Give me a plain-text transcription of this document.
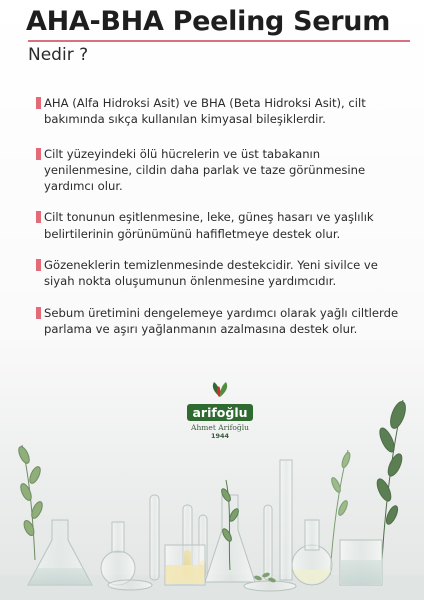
AHA-BHA Peeling Serum
Nedir ?
AHA (Alfa Hidroksi Asit) ve BHA (Beta Hidroksi Asit), cilt bakımında sıkça kullanılan kimyasal bileşiklerdir.
Cilt yüzeyindeki ölü hücrelerin ve üst tabakanın yenilenmesine, cildin daha parlak ve taze görünmesine yardımcı olur.
Cilt tonunun eşitlenmesine, leke, güneş hasarı ve yaşlılık belirtilerinin görünümünü hafifletmeye destek olur.
Gözeneklerin temizlenmesinde destekcidir. Yeni sivilce ve siyah nokta oluşumunun önlenmesine yardımcıdır.
Sebum üretimini dengelemeye yardımcı olarak yağlı ciltlerde parlama ve aşırı yağlanmanın azalmasına destek olur.
arifoğlu
Ahmet Arifoğlu
1944
